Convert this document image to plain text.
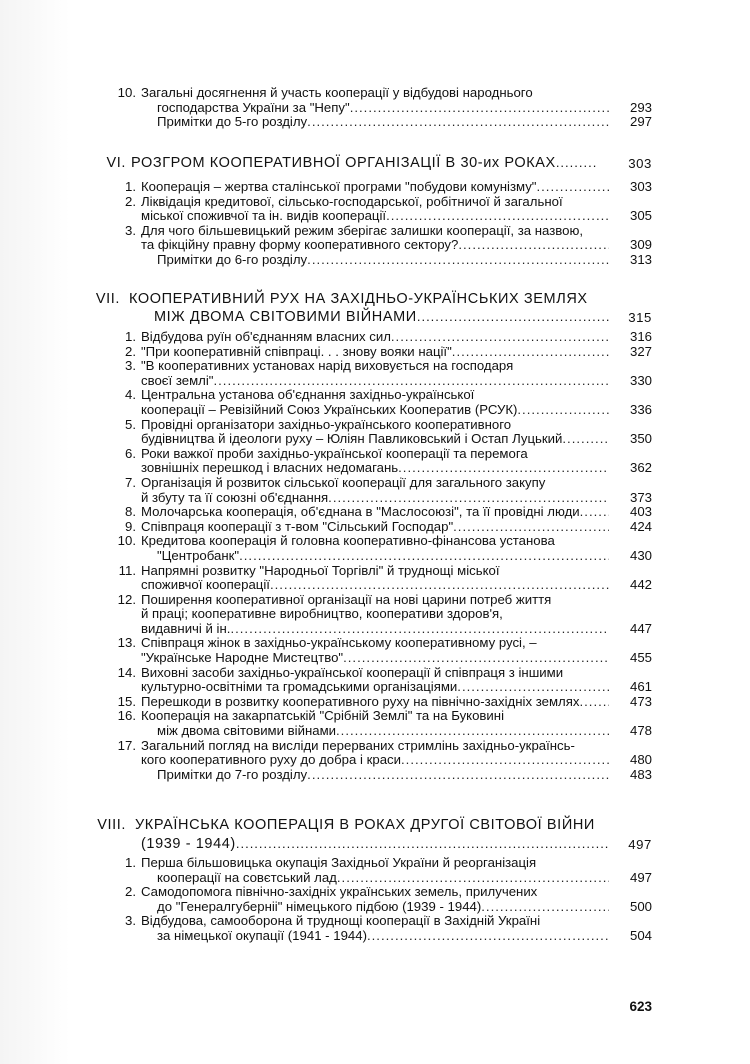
10. Загальні досягнення й участь кооперації у відбудові народнього
господарства України за "Непу" .....	293
Примітки до 5-го розділу .....	297
VI. РОЗГРОМ КООПЕРАТИВНОЇ ОРГАНІЗАЦІЇ В 30-их РОКАХ .....	303
1. Кооперація – жертва сталінської програми "побудови комунізму" .....	303
2. Ліквідація кредитової, сільсько-господарської, робітничої й загальної
міської споживчої та ін. видів кооперації .....	305
3. Для чого більшевицький режим зберігає залишки кооперації, за назвою,
та фікційну правну форму кооперативного сектору? .....	309
Примітки до 6-го розділу .....	313
VII. КООПЕРАТИВНИЙ РУХ НА ЗАХІДНЬО-УКРАЇНСЬКИХ ЗЕМЛЯХ
МІЖ ДВОМА СВІТОВИМИ ВІЙНАМИ .....	315
1. Відбудова руїн об'єднанням власних сил .....	316
2. "При кооперативній співпраці. . . знову вояки нації" .....	327
3. "В кооперативних установах нарід виховується на господаря
своєї землі" .....	330
4. Центральна установа об'єднання західньо-української
кооперації – Ревізійний Союз Українських Кооператив (РСУК) .....	336
5. Провідні організатори західньо-українського кооперативного
будівництва й ідеологи руху – Юліян Павликовський і Остап Луцький .....	350
6. Роки важкої проби західньо-української кооперації та перемога
зовнішніх перешкод і власних недомагань .....	362
7. Організація й розвиток сільської кооперації для загального закупу
й збуту та її союзні об'єднання .....	373
8. Молочарська кооперація, об'єднана в "Маслосоюзі", та її провідні люди .....	403
9. Співпраця кооперації з т-вом "Сільський Господар" .....	424
10. Кредитова кооперація й головна кооперативно-фінансова установа
"Центробанк" .....	430
11. Напрямні розвитку "Народньої Торгівлі" й труднощі міської
споживчої кооперації .....	442
12. Поширення кооперативної організації на нові царини потреб життя
й праці; кооперативне виробництво, кооперативи здоров'я,
видавничі й ін. .....	447
13. Співпраця жінок в західньо-українському кооперативному русі, –
"Українське Народне Мистецтво" .....	455
14. Виховні засоби західньо-української кооперації й співпраця з іншими
культурно-освітніми та громадськими організаціями .....	461
15. Перешкоди в розвитку кооперативного руху на північно-західніх землях .....	473
16. Кооперація на закарпатській "Срібній Землі" та на Буковині
між двома світовими війнами .....	478
17. Загальний погляд на висліди перерваних стримлінь західньо-українсь-
кого кооперативного руху до добра і краси .....	480
Примітки до 7-го розділу .....	483
VIII. УКРАЇНСЬКА КООПЕРАЦІЯ В РОКАХ ДРУГОЇ СВІТОВОЇ ВІЙНИ
(1939 - 1944) .....	497
1. Перша більшовицька окупація Західньої України й реорганізація
кооперації на совєтський лад .....	497
2. Самодопомога північно-західніх українських земель, прилучених
до "Генералгуберніі" німецького підбою (1939 - 1944) .....	500
3. Відбудова, самооборона й труднощі кооперації в Західній Україні
за німецької окупації (1941 - 1944) .....	504
623
